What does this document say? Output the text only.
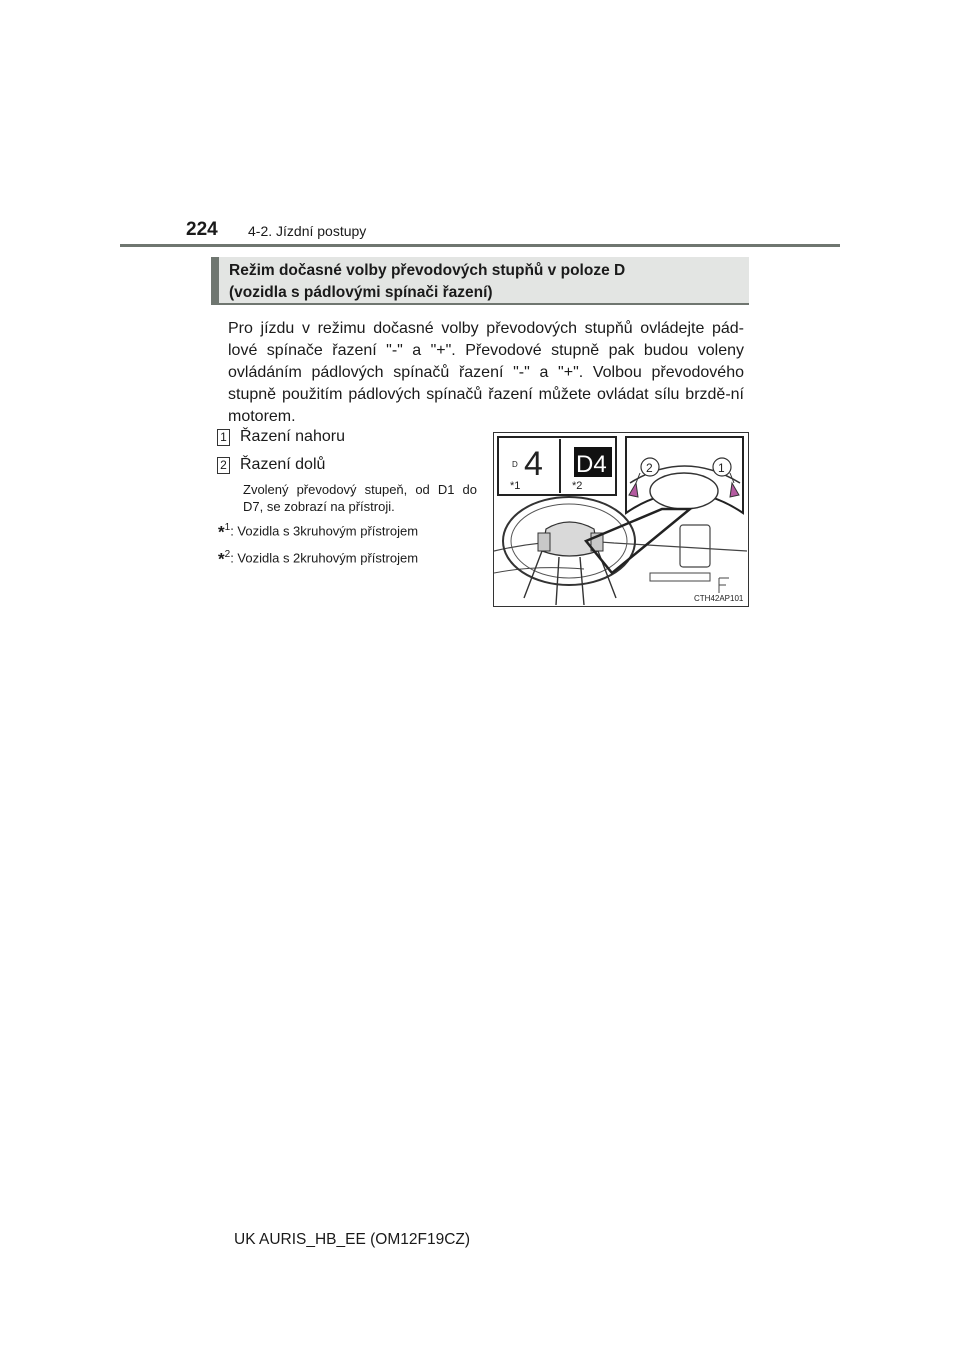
224 4-2. Jízdní postupy
Režim dočasné volby převodových stupňů v poloze D
(vozidla s pádlovými spínači řazení)
Pro jízdu v režimu dočasné volby převodových stupňů ovládejte pád-lové spínače řazení "-" a "+". Převodové stupně pak budou voleny ovládáním pádlových spínačů řazení "-" a "+". Volbou převodového stupně použitím pádlových spínačů řazení můžete ovládat sílu brzdě-ní motorem.
1 Řazení nahoru
2 Řazení dolů
Zvolený převodový stupeň, od D1 do D7, se zobrazí na přístroji.
*$^1$: Vozidla s 3kruhovým přístrojem
*$^2$: Vozidla s 2kruhovým přístrojem
D 4 D4
*1	*2
2	1
CTH42AP101
UK AURIS_HB_EE (OM12F19CZ)
